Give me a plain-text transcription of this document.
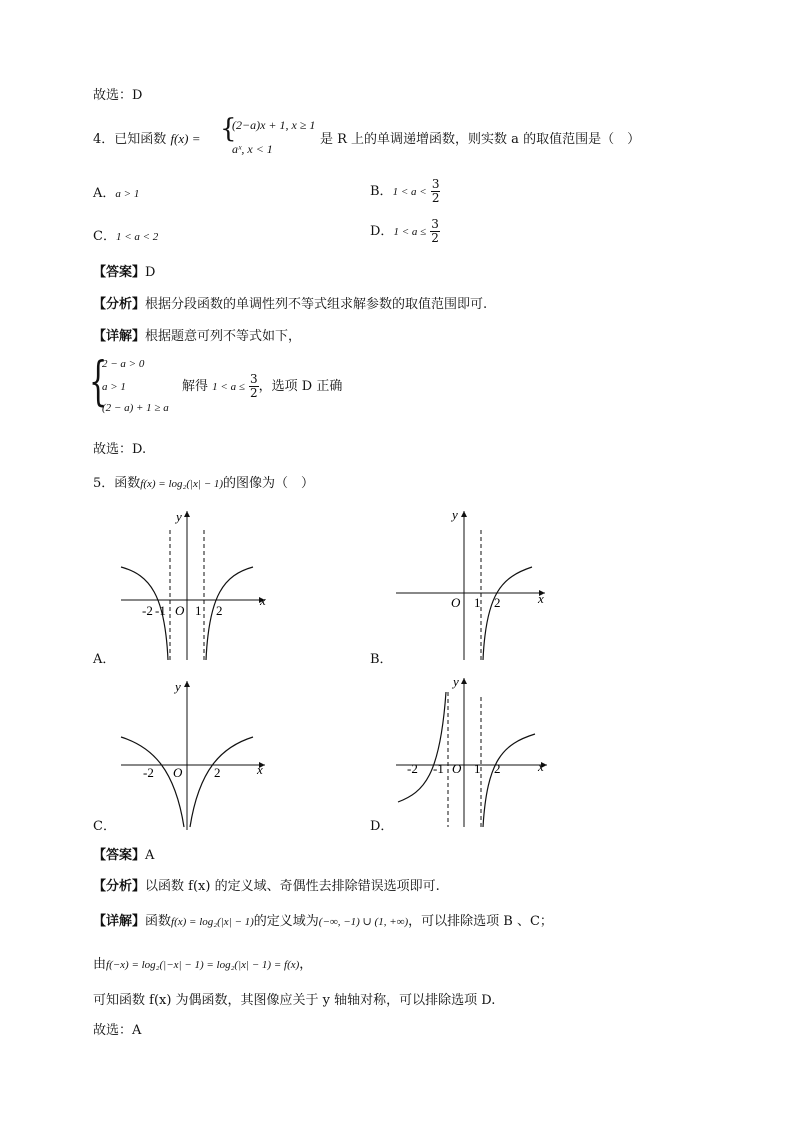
故选：D
4．已知函数 f(x) = {
(2−a)x + 1, x ≥ 1
aˣ, x < 1
是 R 上的单调递增函数，则实数 a 的取值范围是（　）
A．a > 1	B．$1 < a < \frac{3}{2}$
C．1 < a < 2	D．$1 < a \le \frac{3}{2}$
【答案】D
【分析】根据分段函数的单调性列不等式组求解参数的取值范围即可.
【详解】根据题意可列不等式如下，
{
2 − a > 0
a > 1
(2 − a) + 1 ≥ a
解得 $1 < a \le \frac{3}{2}$ ，选项 D 正确
故选：D.
5．函数f(x) = log₂(|x| − 1)的图像为（　）
x
y
O
-2 -1 1 2
A．
x
y
O 1 2
B．
x
y
O
-2	2
C．
x
y
O
-2 -1 1 2
D．
【答案】A
【分析】以函数 f(x) 的定义域、奇偶性去排除错误选项即可.
【详解】函数f(x) = log₂(|x| − 1)的定义域为(−∞, −1) ∪ (1, +∞)，可以排除选项 B 、C；
由f(−x) = log₂(|−x| − 1) = log₂(|x| − 1) = f(x)，
可知函数 f(x) 为偶函数，其图像应关于 y 轴轴对称，可以排除选项 D.
故选：A
